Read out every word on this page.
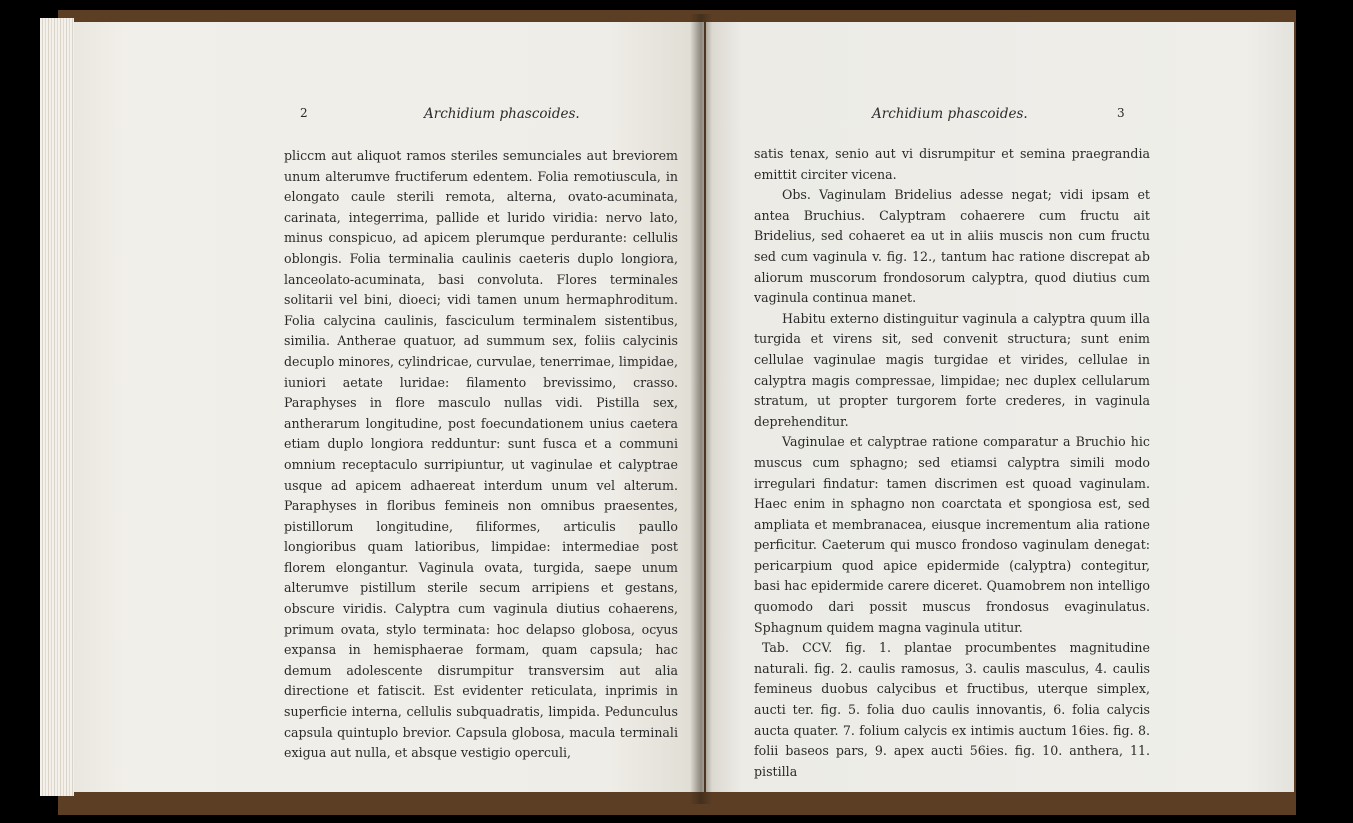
2	Archidium phascoides.

pliccm aut aliquot ramos steriles semunciales aut breviorem unum alterumve fructiferum edentem. Folia remotiuscula, in elongato caule sterili remota, alterna, ovato-acuminata, carinata, integerrima, pallide et lurido viridia: nervo lato, minus conspicuo, ad apicem plerumque perdurante: cellulis oblongis. Folia terminalia caulinis caeteris duplo longiora, lanceolato-acuminata, basi convoluta. Flores terminales solitarii vel bini, dioeci; vidi tamen unum hermaphroditum. Folia calycina caulinis, fasciculum terminalem sistentibus, similia. Antherae quatuor, ad summum sex, foliis calycinis decuplo minores, cylindricae, curvulae, tenerrimae, limpidae, iuniori aetate luridae: filamento brevissimo, crasso. Paraphyses in flore masculo nullas vidi. Pistilla sex, antherarum longitudine, post foecundationem unius caetera etiam duplo longiora redduntur: sunt fusca et a communi omnium receptaculo surripiuntur, ut vaginulae et calyptrae usque ad apicem adhaereat interdum unum vel alterum. Paraphyses in floribus femineis non omnibus praesentes, pistillorum longitudine, filiformes, articulis paullo longioribus quam latioribus, limpidae: intermediae post florem elongantur. Vaginula ovata, turgida, saepe unum alterumve pistillum sterile secum arripiens et gestans, obscure viridis. Calyptra cum vaginula diutius cohaerens, primum ovata, stylo terminata: hoc delapso globosa, ocyus expansa in hemisphaerae formam, quam capsula; hac demum adolescente disrumpitur transversim aut alia directione et fatiscit. Est evidenter reticulata, inprimis in superficie interna, cellulis subquadratis, limpida. Pedunculus capsula quintuplo brevior. Capsula globosa, macula terminali exigua aut nulla, et absque vestigio operculi,

Archidium phascoides.	3

satis tenax, senio aut vi disrumpitur et semina praegrandia emittit circiter vicena.

Obs. Vaginulam Bridelius adesse negat; vidi ipsam et antea Bruchius. Calyptram cohaerere cum fructu ait Bridelius, sed cohaeret ea ut in aliis muscis non cum fructu sed cum vaginula v. fig. 12., tantum hac ratione discrepat ab aliorum muscorum frondosorum calyptra, quod diutius cum vaginula continua manet.

Habitu externo distinguitur vaginula a calyptra quum illa turgida et virens sit, sed convenit structura; sunt enim cellulae vaginulae magis turgidae et virides, cellulae in calyptra magis compressae, limpidae; nec duplex cellularum stratum, ut propter turgorem forte crederes, in vaginula deprehenditur.

Vaginulae et calyptrae ratione comparatur a Bruchio hic muscus cum sphagno; sed etiamsi calyptra simili modo irregulari findatur: tamen discrimen est quoad vaginulam. Haec enim in sphagno non coarctata et spongiosa est, sed ampliata et membranacea, eiusque incrementum alia ratione perficitur. Caeterum qui musco frondoso vaginulam denegat: pericarpium quod apice epidermide (calyptra) contegitur, basi hac epidermide carere diceret. Quamobrem non intelligo quomodo dari possit muscus frondosus evaginulatus. Sphagnum quidem magna vaginula utitur.

Tab. CCV. fig. 1. plantae procumbentes magnitudine naturali. fig. 2. caulis ramosus, 3. caulis masculus, 4. caulis femineus duobus calycibus et fructibus, uterque simplex, aucti ter. fig. 5. folia duo caulis innovantis, 6. folia calycis aucta quater. 7. folium calycis ex intimis auctum 16ies. fig. 8. folii baseos pars, 9. apex aucti 56ies. fig. 10. anthera, 11. pistilla
